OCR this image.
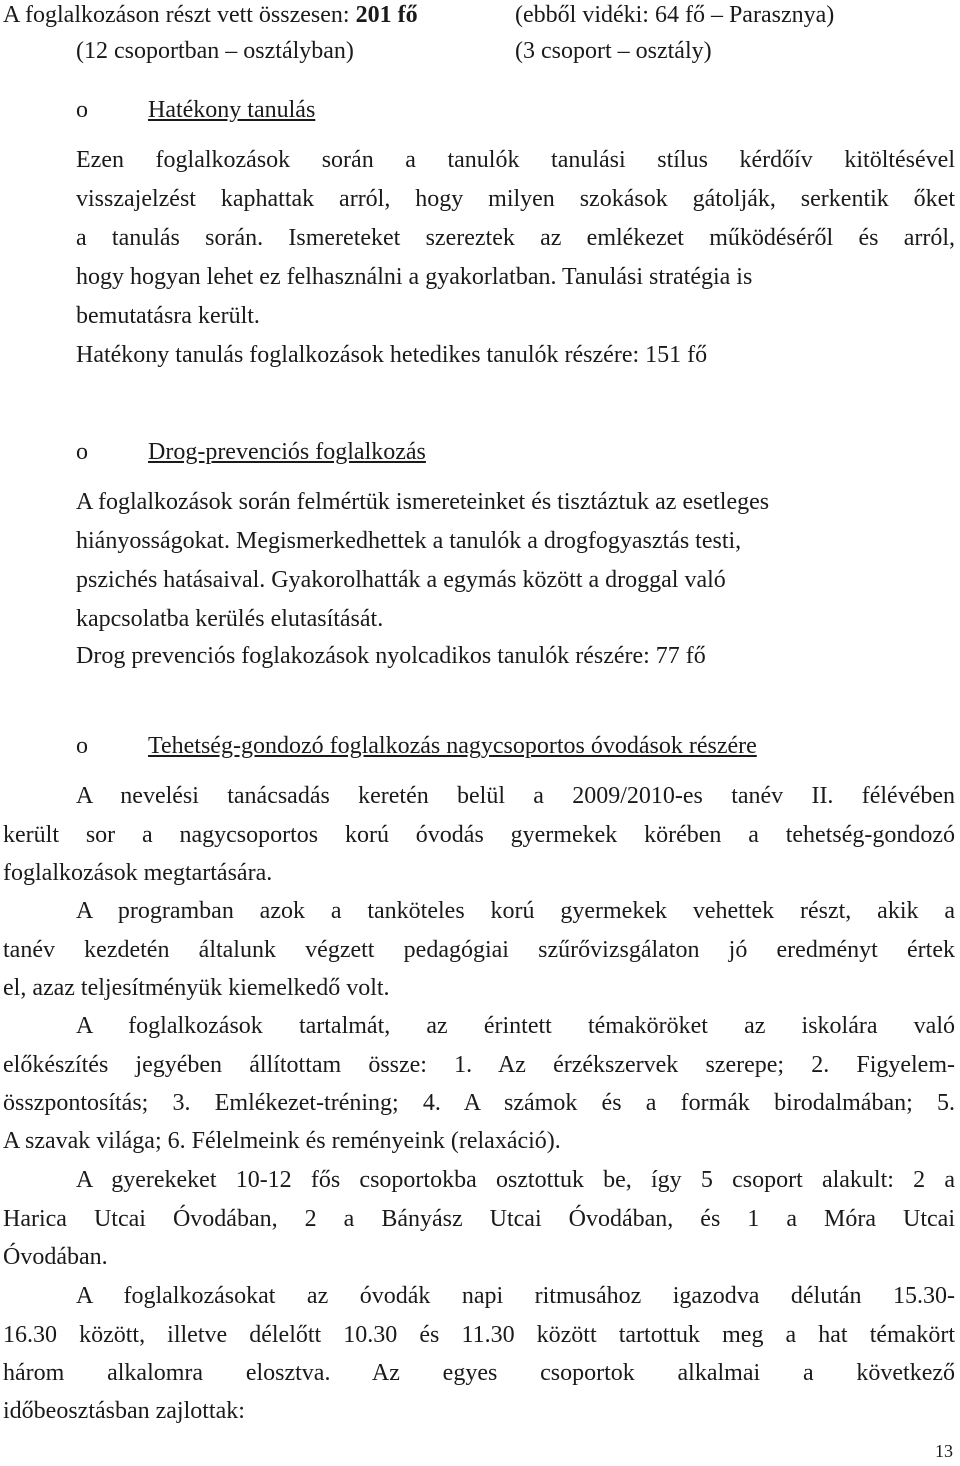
A foglalkozáson részt vett összesen: 201 fő	(ebből vidéki: 64 fő – Parasznya)
(12 csoportban – osztályban)	(3 csoport – osztály)
o	Hatékony tanulás
Ezen foglalkozások során a tanulók tanulási stílus kérdőív kitöltésével
visszajelzést kaphattak arról, hogy milyen szokások gátolják, serkentik őket
a tanulás során. Ismereteket szereztek az emlékezet működéséről és arról,
hogy hogyan lehet ez felhasználni a gyakorlatban. Tanulási stratégia is
bemutatásra került.
Hatékony tanulás foglalkozások hetedikes tanulók részére: 151 fő
o	Drog-prevenciós foglalkozás
A foglalkozások során felmértük ismereteinket és tisztáztuk az esetleges
hiányosságokat. Megismerkedhettek a tanulók a drogfogyasztás testi,
pszichés hatásaival. Gyakorolhatták a egymás között a droggal való
kapcsolatba kerülés elutasítását.
Drog prevenciós foglakozások nyolcadikos tanulók részére: 77 fő
o	Tehetség-gondozó foglalkozás nagycsoportos óvodások részére
A nevelési tanácsadás keretén belül a 2009/2010-es tanév II. félévében
került sor a nagycsoportos korú óvodás gyermekek körében a tehetség-gondozó
foglalkozások megtartására.
A programban azok a tanköteles korú gyermekek vehettek részt, akik a
tanév kezdetén általunk végzett pedagógiai szűrővizsgálaton jó eredményt értek
el, azaz teljesítményük kiemelkedő volt.
A foglalkozások tartalmát, az érintett témaköröket az iskolára való
előkészítés jegyében állítottam össze: 1. Az érzékszervek szerepe; 2. Figyelem-
összpontosítás; 3. Emlékezet-tréning; 4. A számok és a formák birodalmában; 5.
A szavak világa; 6. Félelmeink és reményeink (relaxáció).
A gyerekeket 10-12 fős csoportokba osztottuk be, így 5 csoport alakult: 2 a
Harica Utcai Óvodában, 2 a Bányász Utcai Óvodában, és 1 a Móra Utcai
Óvodában.
A foglalkozásokat az óvodák napi ritmusához igazodva délután 15.30-
16.30 között, illetve délelőtt 10.30 és 11.30 között tartottuk meg a hat témakört
három alkalomra elosztva. Az egyes csoportok alkalmai a következő
időbeosztásban zajlottak:
13
